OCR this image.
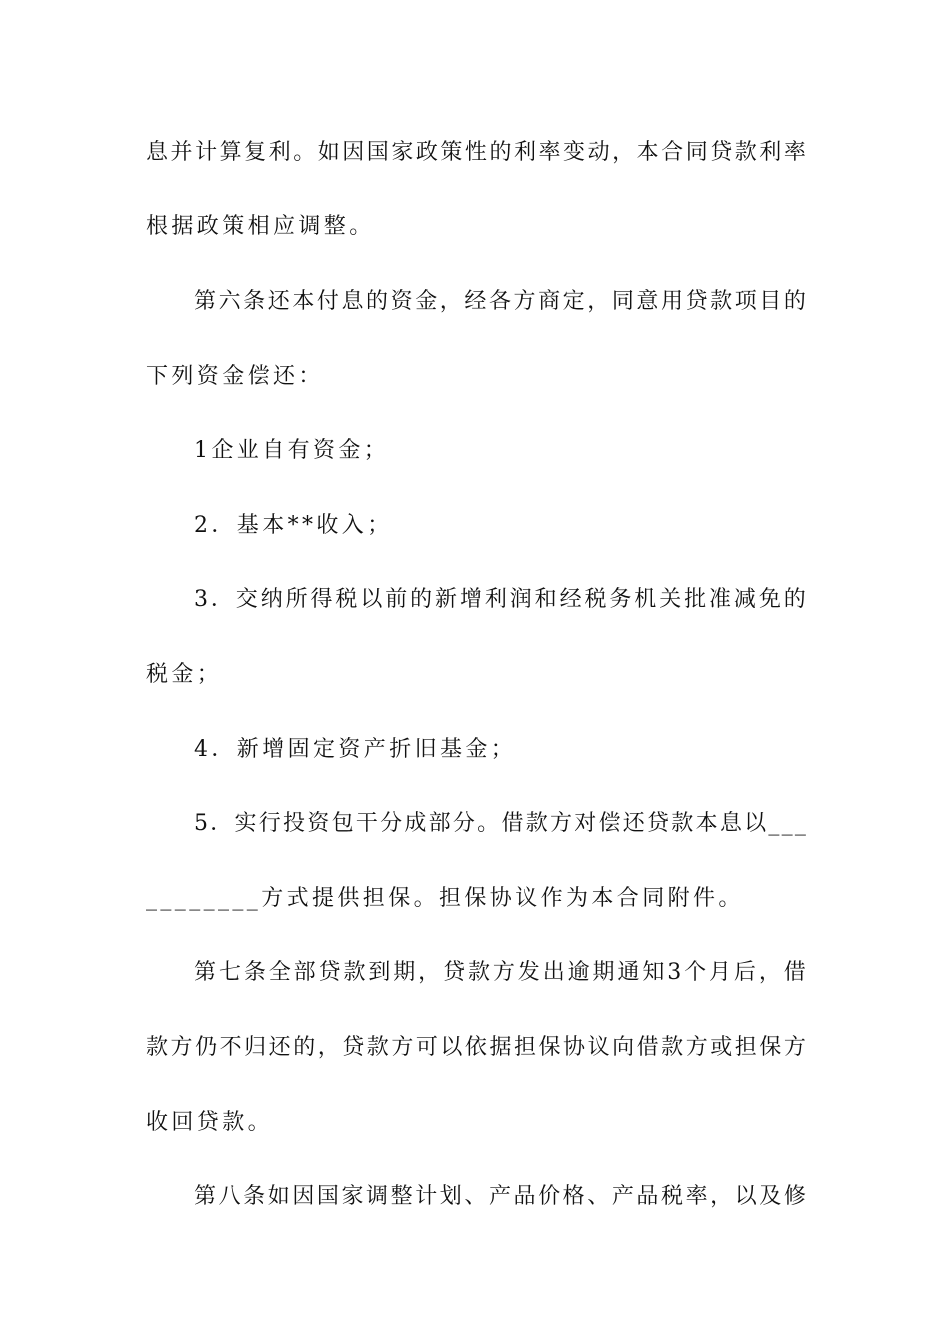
息 并 计 算 复 利 。 如 因 国 家 政 策 性 的 利 率 变 动 ， 本 合 同 贷 款 利 率
根据政策相应调整。
第 六 条 还 本 付 息 的 资 金 ， 经 各 方 商 定 ， 同 意 用 贷 款 项 目 的
下列资金偿还：
1企业自有资金；
2．基本**收入；
3 ． 交 纳 所 得 税 以 前 的 新 增 利 润 和 经 税 务 机 关 批 准 减 免 的
税金；
4．新增固定资产折旧基金；
5 ． 实 行 投 资 包 干 分 成 部 分 。 借 款 方 对 偿 还 贷 款 本 息 以 _ _ _
________方式提供担保。担保协议作为本合同附件。
第 七 条 全 部 贷 款 到 期 ， 贷 款 方 发 出 逾 期 通 知 3 个 月 后 ， 借
款 方 仍 不 归 还 的 ， 贷 款 方 可 以 依 据 担 保 协 议 向 借 款 方 或 担 保 方
收回贷款。
第 八 条 如 因 国 家 调 整 计 划 、 产 品 价 格 、 产 品 税 率 ， 以 及 修
